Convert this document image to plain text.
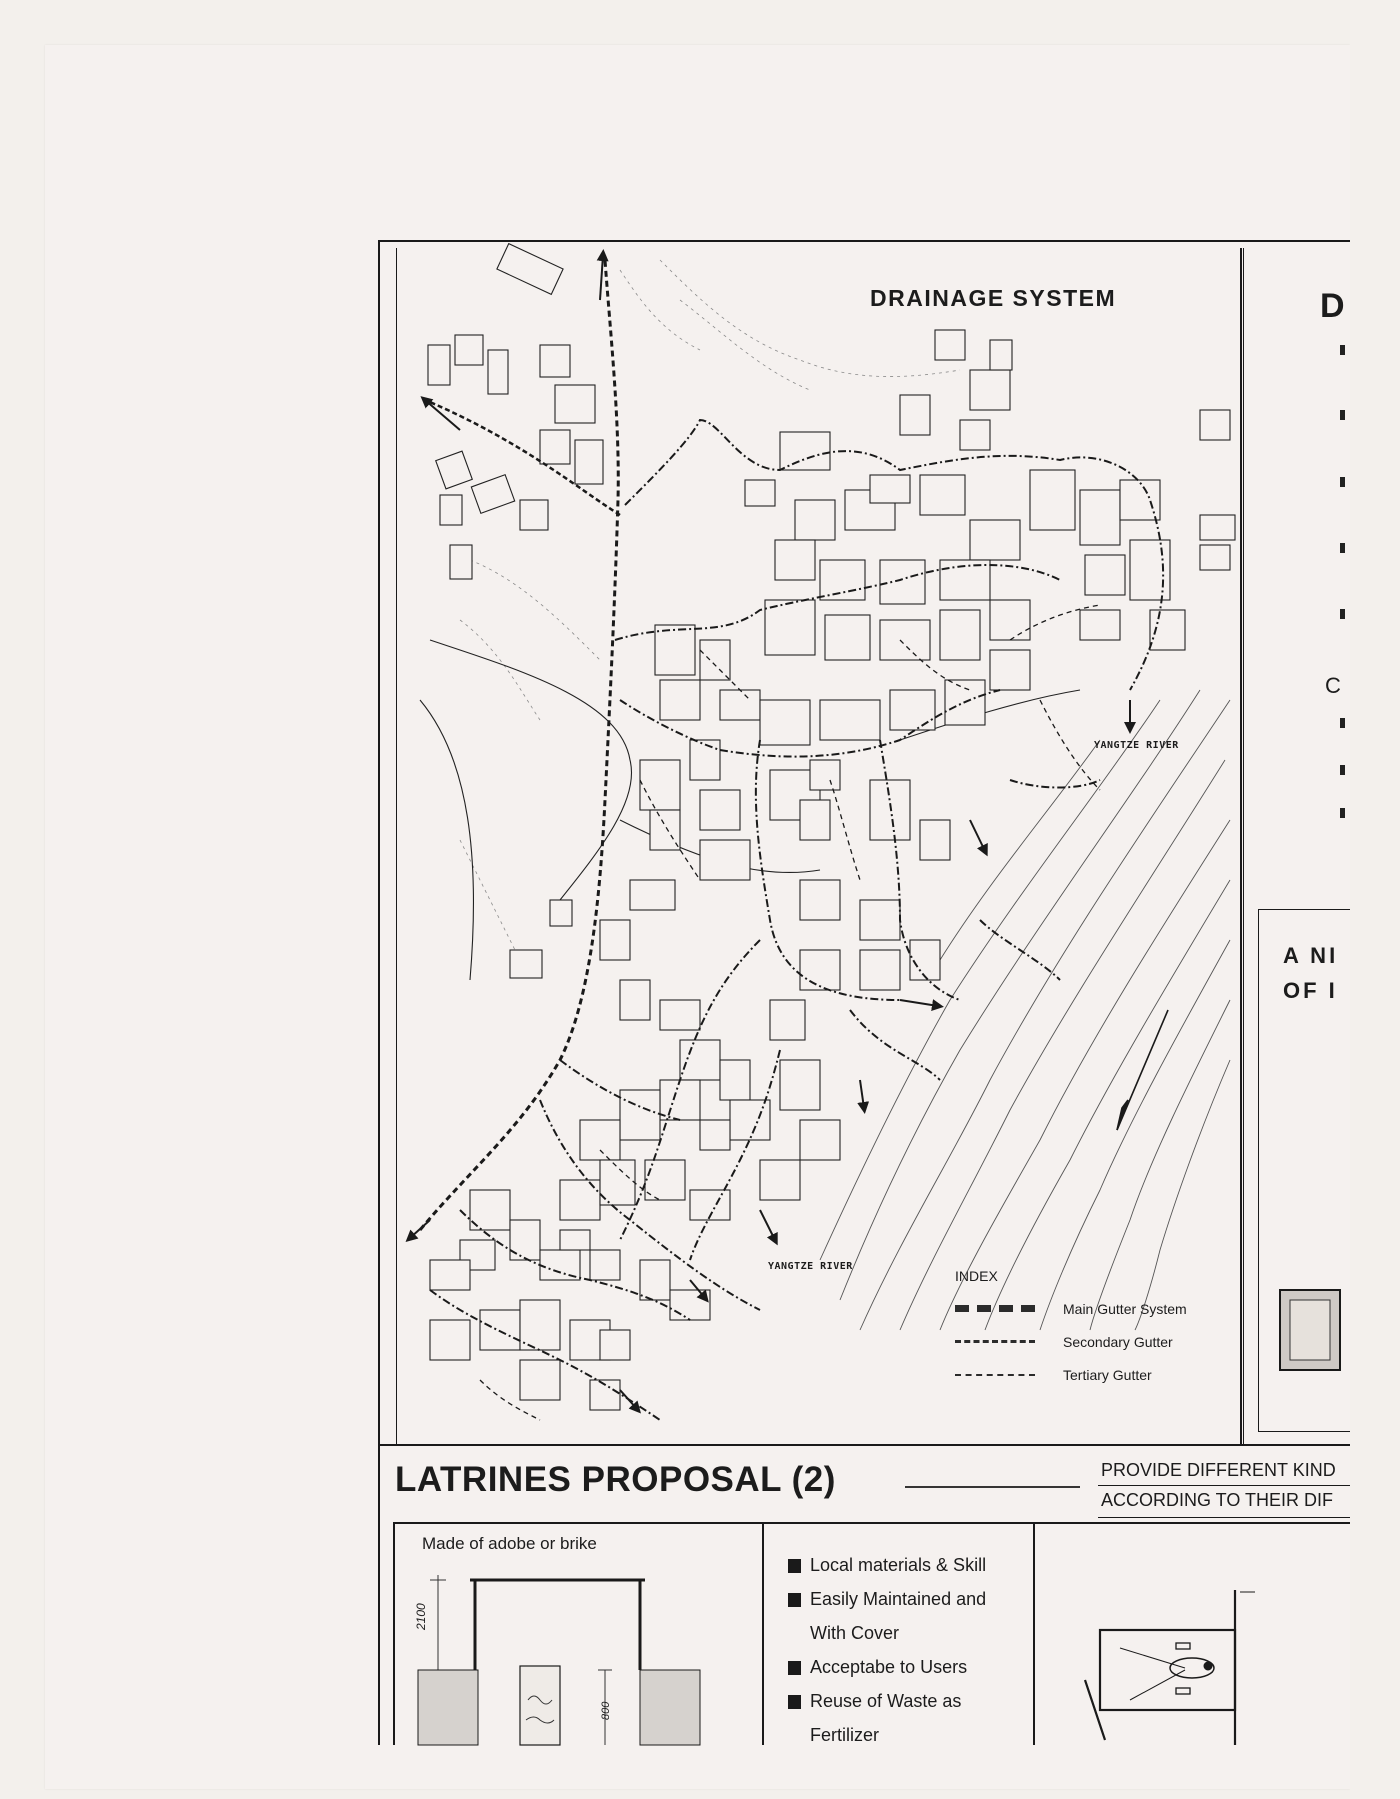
DRAINAGE SYSTEM
YANGTZE RIVER
YANGTZE RIVER
INDEX
Main Gutter System
Secondary Gutter
Tertiary Gutter
D
C
A NI
OF I
LATRINES PROPOSAL (2)	PROVIDE DIFFERENT KIND
ACCORDING TO THEIR DIF
Made of adobe or brike
2100
800
Local materials & Skill
Easily Maintained and
With Cover
Acceptabe to Users
Reuse of Waste as
Fertilizer
